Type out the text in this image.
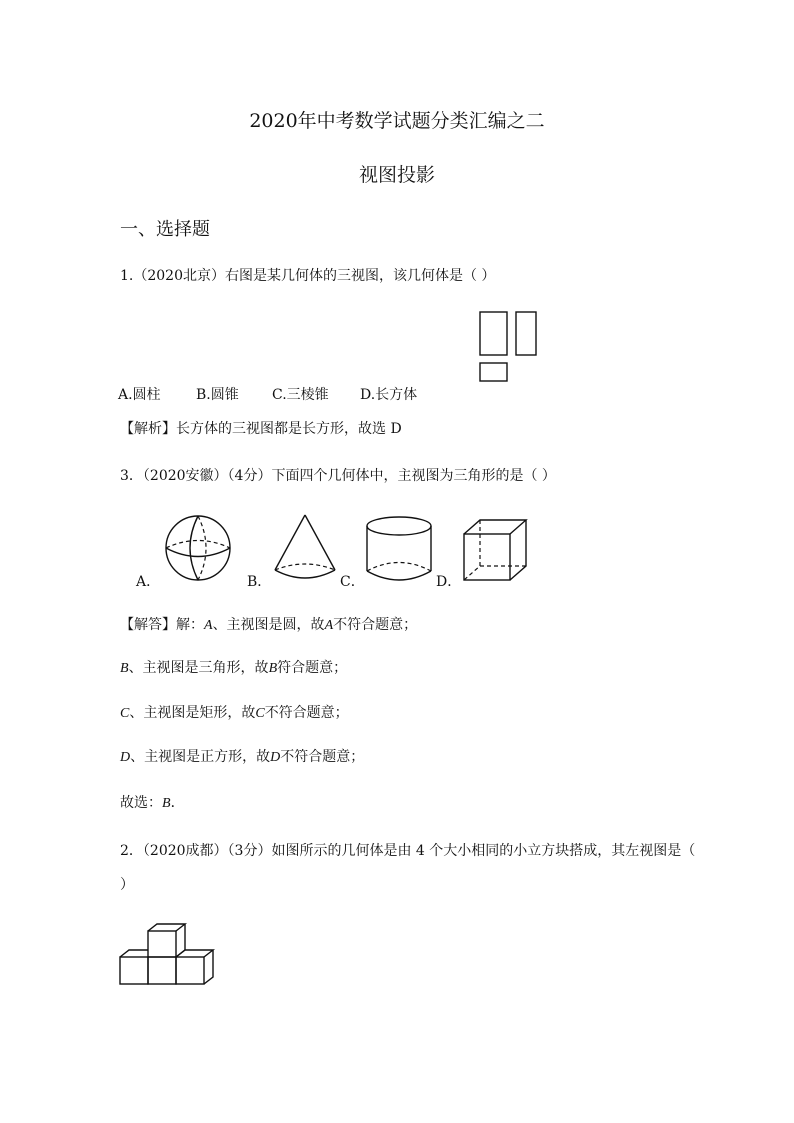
2020年中考数学试题分类汇编之二
视图投影
一、选择题
1.（2020北京）右图是某几何体的三视图，该几何体是（ ）
A.圆柱	B.圆锥 C.三棱锥 D.长方体
【解析】长方体的三视图都是长方形，故选 D
3．（2020安徽）（4分）下面四个几何体中，主视图为三角形的是（ ）
A．	B．	C．	D．
【解答】解：A、主视图是圆，故A不符合题意；
B、主视图是三角形，故B符合题意；
C、主视图是矩形，故C不符合题意；
D、主视图是正方形，故D不符合题意；
故选：B．
2．（2020成都）（3分）如图所示的几何体是由 4 个大小相同的小立方块搭成，其左视图是（
）
